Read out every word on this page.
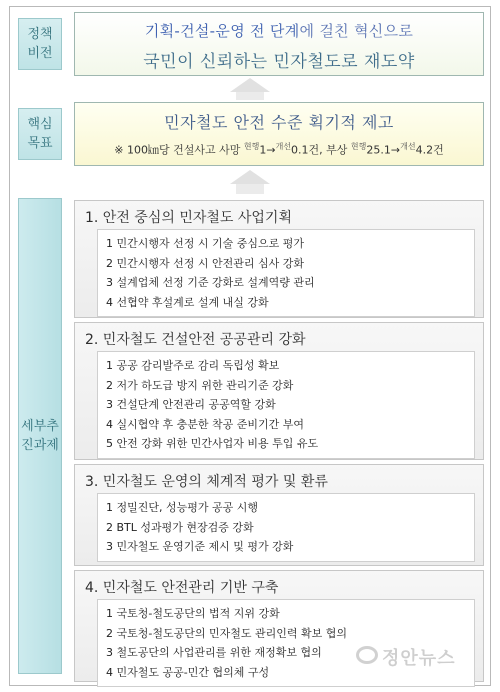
정책
비전
핵심
목표
세부추
진과제
기획-건설-운영 전 단계에 걸친 혁신으로
국민이 신뢰하는 민자철도로 재도약
민자철도 안전 수준 획기적 제고
※ 100㎞당 건설사고 사망 $^{현행}$1→$^{개선}$0.1건, 부상 $^{현행}$25.1→$^{개선}$4.2건
1. 안전 중심의 민자철도 사업기획
1 민간시행자 선정 시 기술 중심으로 평가
2 민간시행자 선정 시 안전관리 심사 강화
3 설계업체 선정 기준 강화로 설계역량 관리
4 선협약 후설계로 설계 내실 강화
2. 민자철도 건설안전 공공관리 강화
1 공공 감리발주로 감리 독립성 확보
2 저가 하도급 방지 위한 관리기준 강화
3 건설단계 안전관리 공공역할 강화
4 실시협약 후 충분한 착공 준비기간 부여
5 안전 강화 위한 민간사업자 비용 투입 유도
3. 민자철도 운영의 체계적 평가 및 환류
1 정밀진단, 성능평가 공공 시행
2 BTL 성과평가 현장검증 강화
3 민자철도 운영기준 제시 및 평가 강화
4. 민자철도 안전관리 기반 구축
1 국토청-철도공단의 법적 지위 강화
2 국토청-철도공단의 민자철도 관리인력 확보 협의
3 철도공단의 사업관리를 위한 재정확보 협의
4 민자철도 공공-민간 협의체 구성
정안뉴스
